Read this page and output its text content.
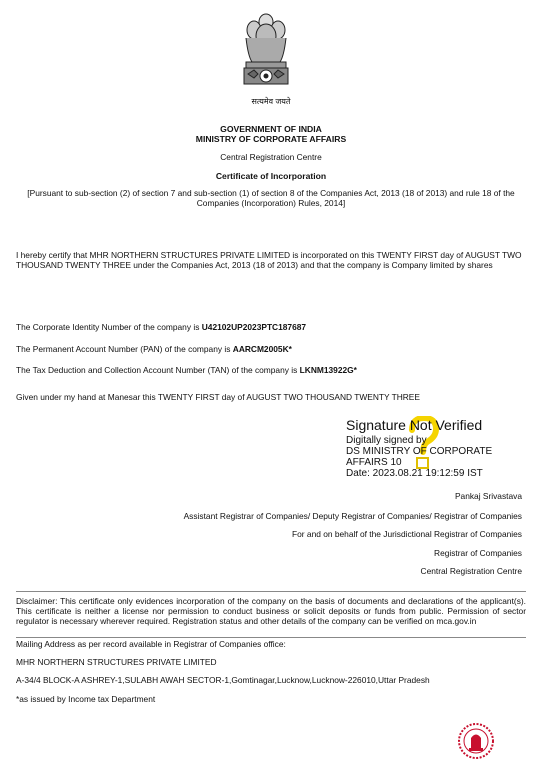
सत्यमेव जयते
GOVERNMENT OF INDIA
MINISTRY OF CORPORATE AFFAIRS
Central Registration Centre
Certificate of Incorporation
[Pursuant to sub-section (2) of section 7 and sub-section (1) of section 8 of the Companies Act, 2013 (18 of 2013) and rule 18 of the Companies (Incorporation) Rules, 2014]
I hereby certify that MHR NORTHERN STRUCTURES PRIVATE LIMITED is incorporated on this TWENTY FIRST day of AUGUST TWO THOUSAND TWENTY THREE under the Companies Act, 2013 (18 of 2013) and that the company is Company limited by shares
The Corporate Identity Number of the company is U42102UP2023PTC187687
The Permanent Account Number (PAN) of the company is AARCM2005K*
The Tax Deduction and Collection Account Number (TAN) of the company is LKNM13922G*
Given under my hand at Manesar this TWENTY FIRST day of AUGUST TWO THOUSAND TWENTY THREE
Signature Not Verified
Digitally signed by
DS MINISTRY OF CORPORATE
AFFAIRS 10
Date: 2023.08.21 19:12:59 IST
Pankaj Srivastava
Assistant Registrar of Companies/ Deputy Registrar of Companies/ Registrar of Companies
For and on behalf of the Jurisdictional Registrar of Companies
Registrar of Companies
Central Registration Centre
Disclaimer: This certificate only evidences incorporation of the company on the basis of documents and declarations of the applicant(s). This certificate is neither a license nor permission to conduct business or solicit deposits or funds from public. Permission of sector regulator is necessary wherever required. Registration status and other details of the company can be verified on mca.gov.in
Mailing Address as per record available in Registrar of Companies office:
MHR NORTHERN STRUCTURES PRIVATE LIMITED
A-34/4 BLOCK-A ASHREY-1,SULABH AWAH SECTOR-1,Gomtinagar,Lucknow,Lucknow-226010,Uttar Pradesh
*as issued by Income tax Department
